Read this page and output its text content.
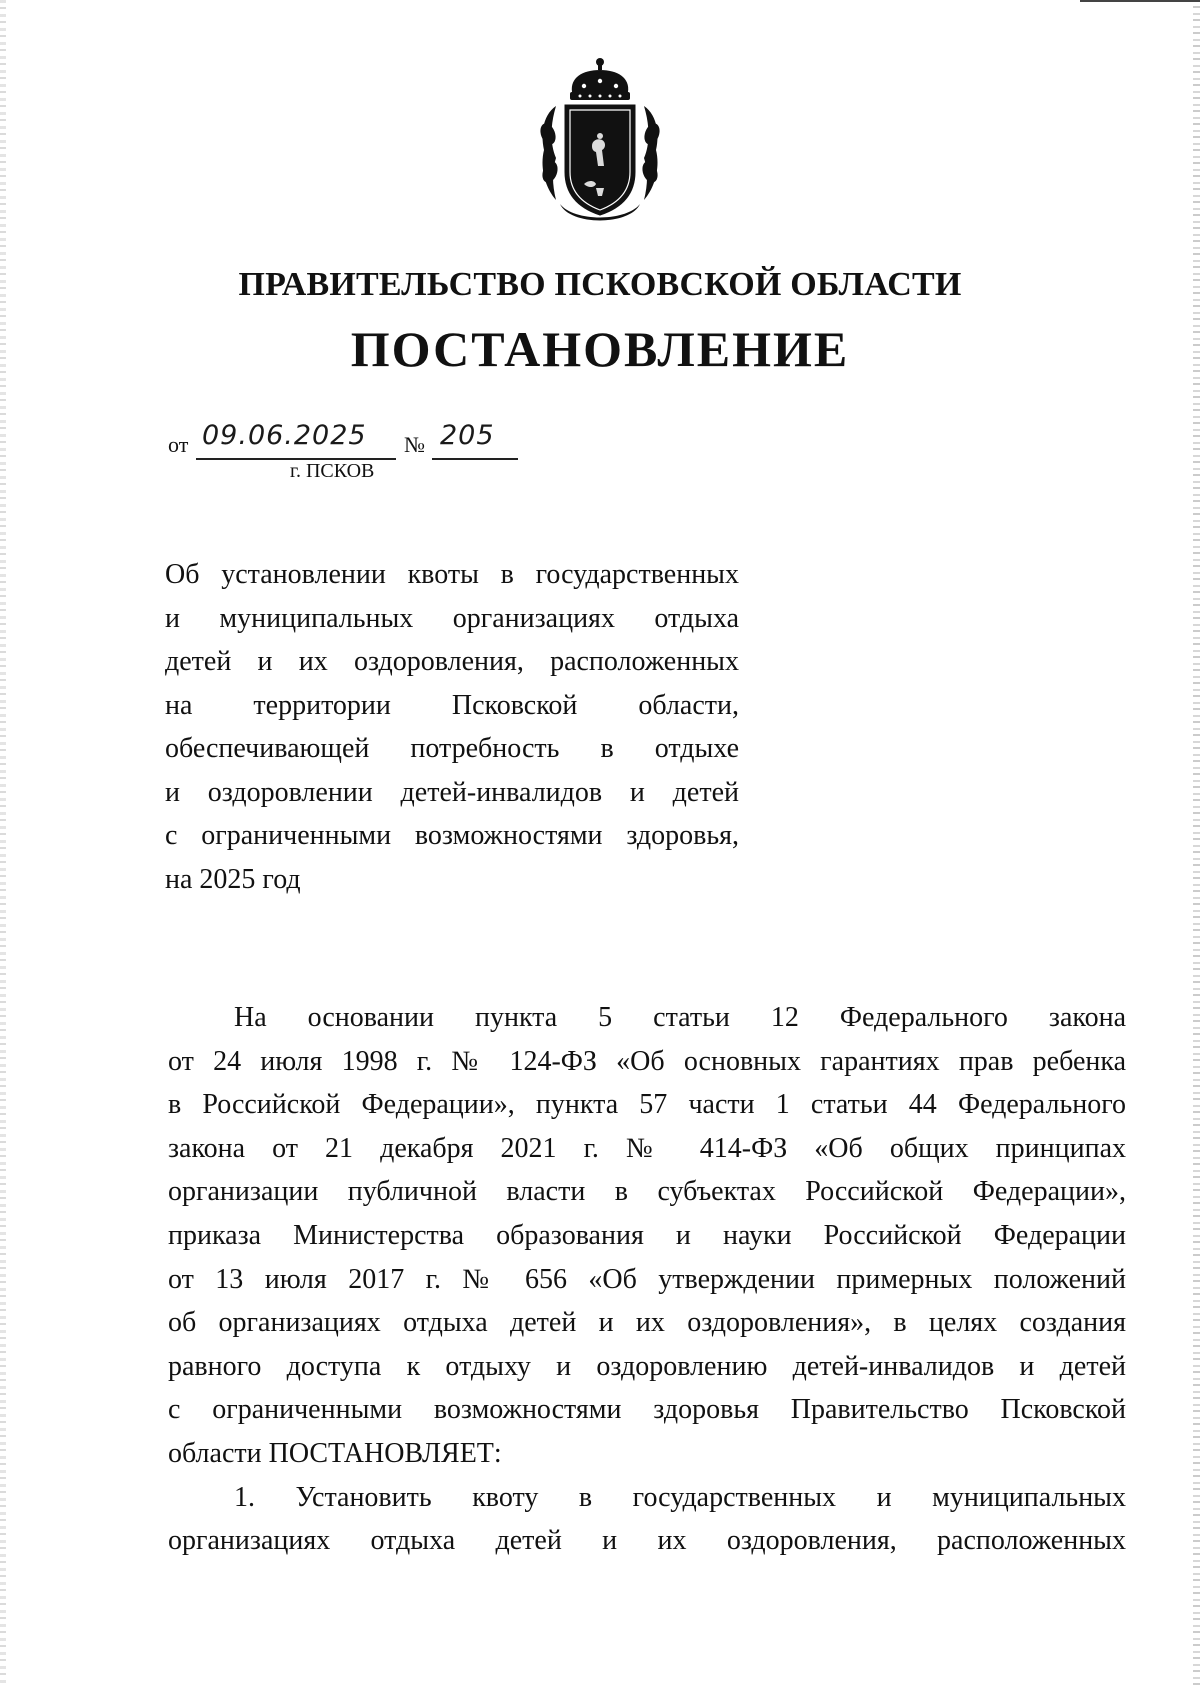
ПРАВИТЕЛЬСТВО ПСКОВСКОЙ ОБЛАСТИ
ПОСТАНОВЛЕНИЕ
от 09.06.2025 № 205
г. ПСКОВ
Об установлении квоты в государственных
и муниципальных организациях отдыха
детей и их оздоровления, расположенных
на территории Псковской области,
обеспечивающей потребность в отдыхе
и оздоровлении детей-инвалидов и детей
с ограниченными возможностями здоровья,
на 2025 год
На основании пункта 5 статьи 12 Федерального закона
от 24 июля 1998 г. № 124-ФЗ «Об основных гарантиях прав ребенка
в Российской Федерации», пункта 57 части 1 статьи 44 Федерального
закона от 21 декабря 2021 г. № 414-ФЗ «Об общих принципах
организации публичной власти в субъектах Российской Федерации»,
приказа Министерства образования и науки Российской Федерации
от 13 июля 2017 г. № 656 «Об утверждении примерных положений
об организациях отдыха детей и их оздоровления», в целях создания
равного доступа к отдыху и оздоровлению детей-инвалидов и детей
с ограниченными возможностями здоровья Правительство Псковской
области ПОСТАНОВЛЯЕТ:
1. Установить квоту в государственных и муниципальных
организациях отдыха детей и их оздоровления, расположенных
